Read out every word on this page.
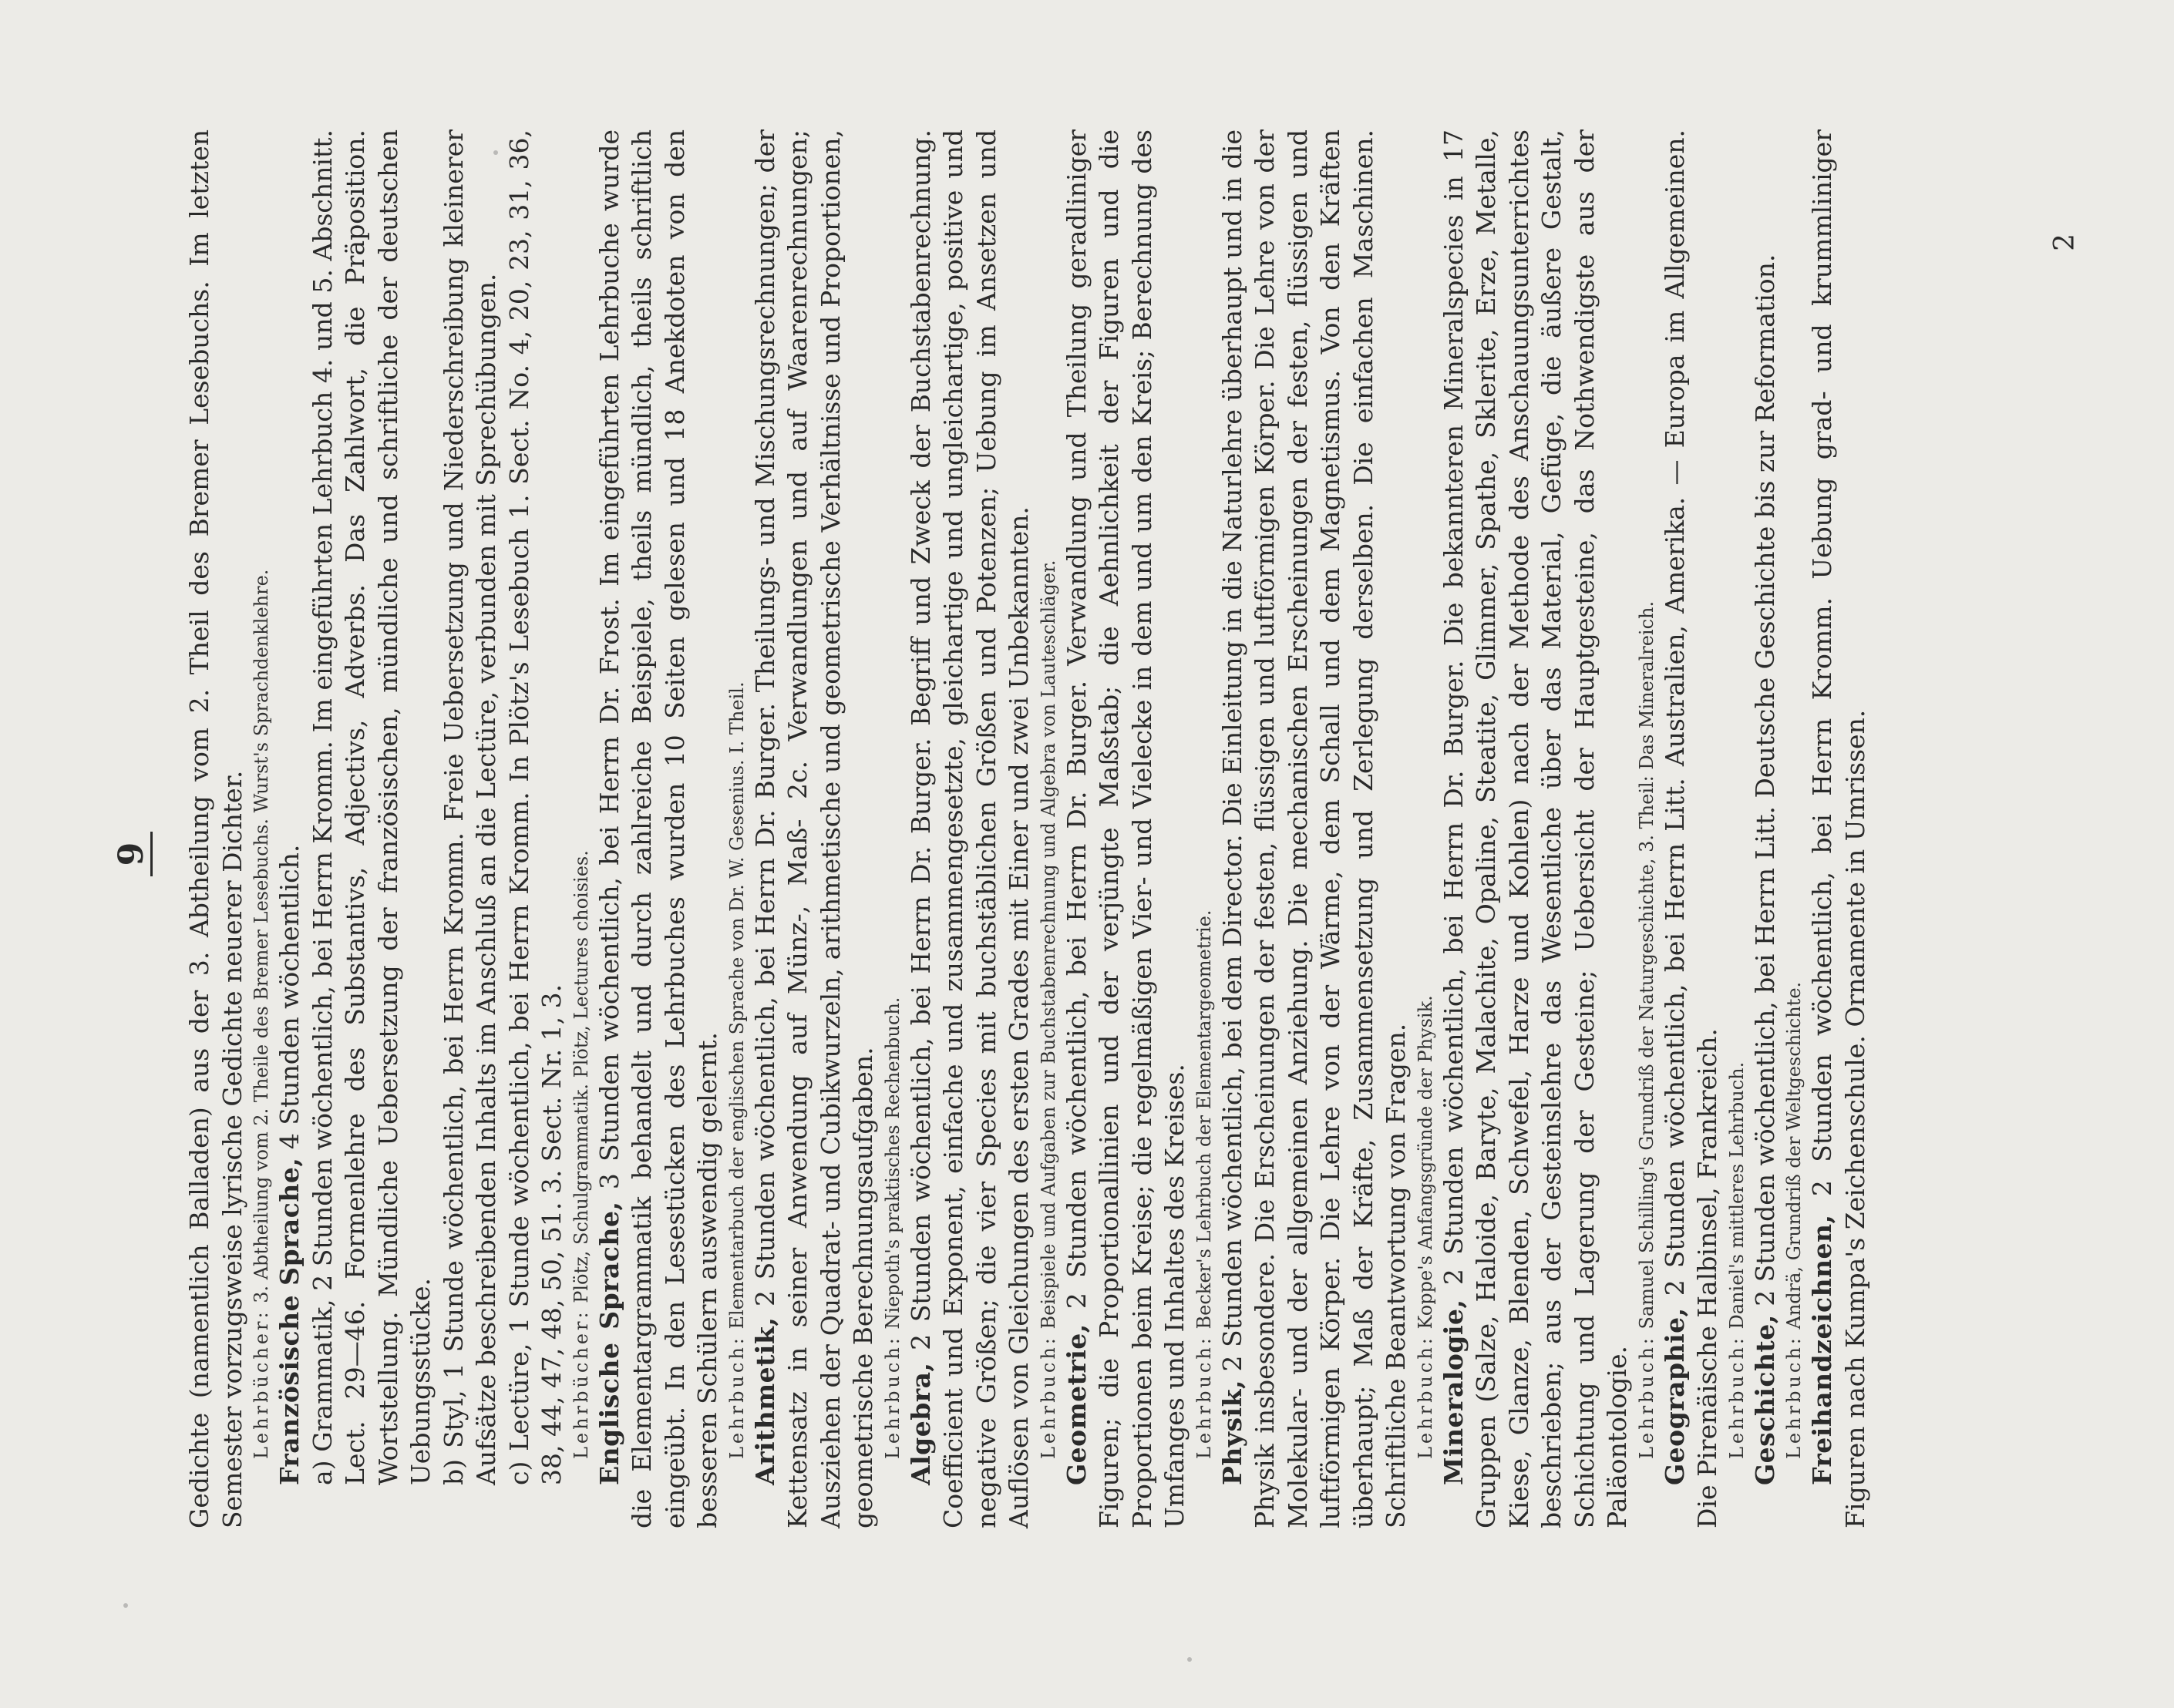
9 Gedichte (namentlich Balladen) aus der 3. Abtheilung vom 2. Theil des Bremer Lesebuchs. Im letzten Semester vorzugsweise lyrische Gedichte neuerer Dichter. Lehrbücher: 3. Abtheilung vom 2. Theile des Bremer Lesebuchs. Wurst's Sprachdenklehre.

Französische Sprache, 4 Stunden wöchentlich. a) Grammatik, 2 Stunden wöchentlich, bei Herrn Kromm. Im eingeführten Lehrbuch 4. und 5. Abschnitt. Lect. 29—46. Formenlehre des Substantivs, Adjectivs, Adverbs. Das Zahlwort, die Präposition. Wortstellung. Mündliche Uebersetzung der französischen, mündliche und schriftliche der deutschen Uebungsstücke. b) Styl, 1 Stunde wöchentlich, bei Herrn Kromm. Freie Uebersetzung und Niederschreibung kleinerer Aufsätze beschreibenden Inhalts im Anschluß an die Lectüre, verbunden mit Sprechübungen. c) Lectüre, 1 Stunde wöchentlich, bei Herrn Kromm. In Plötz's Lesebuch 1. Sect. No. 4, 20, 23, 31, 36, 38, 44, 47, 48, 50, 51. 3. Sect. Nr. 1, 3. Lehrbücher: Plötz, Schulgrammatik. Plötz, Lectures choisies.

Englische Sprache, 3 Stunden wöchentlich, bei Herrn Dr. Frost. Im eingeführten Lehrbuche wurde die Elementargrammatik behandelt und durch zahlreiche Beispiele, theils mündlich, theils schriftlich eingeübt. In den Lesestücken des Lehrbuches wurden 10 Seiten gelesen und 18 Anekdoten von den besseren Schülern auswendig gelernt. Lehrbuch: Elementarbuch der englischen Sprache von Dr. W. Gesenius. I. Theil.

Arithmetik, 2 Stunden wöchentlich, bei Herrn Dr. Burger. Theilungs- und Mischungsrechnungen; der Kettensatz in seiner Anwendung auf Münz-, Maß- 2c. Verwandlungen und auf Waarenrechnungen; Ausziehen der Quadrat- und Cubikwurzeln, arithmetische und geometrische Verhältnisse und Proportionen, geometrische Berechnungsaufgaben. Lehrbuch: Niepoth's praktisches Rechenbuch.

Algebra, 2 Stunden wöchentlich, bei Herrn Dr. Burger. Begriff und Zweck der Buchstabenrechnung. Coefficient und Exponent, einfache und zusammengesetzte, gleichartige und ungleichartige, positive und negative Größen; die vier Species mit buchstäblichen Größen und Potenzen; Uebung im Ansetzen und Auflösen von Gleichungen des ersten Grades mit Einer und zwei Unbekannten. Lehrbuch: Beispiele und Aufgaben zur Buchstabenrechnung und Algebra von Lauteschläger.

Geometrie, 2 Stunden wöchentlich, bei Herrn Dr. Burger. Verwandlung und Theilung geradliniger Figuren; die Proportionallinien und der verjüngte Maßstab; die Aehnlichkeit der Figuren und die Proportionen beim Kreise; die regelmäßigen Vier- und Vielecke in dem und um den Kreis; Berechnung des Umfanges und Inhaltes des Kreises. Lehrbuch: Becker's Lehrbuch der Elementargeometrie.

Physik, 2 Stunden wöchentlich, bei dem Director. Die Einleitung in die Naturlehre überhaupt und in die Physik insbesondere. Die Erscheinungen der festen, flüssigen und luftförmigen Körper. Die Lehre von der Molekular- und der allgemeinen Anziehung. Die mechanischen Erscheinungen der festen, flüssigen und luftförmigen Körper. Die Lehre von der Wärme, dem Schall und dem Magnetismus. Von den Kräften überhaupt; Maß der Kräfte, Zusammensetzung und Zerlegung derselben. Die einfachen Maschinen. Schriftliche Beantwortung von Fragen. Lehrbuch: Koppe's Anfangsgründe der Physik.

Mineralogie, 2 Stunden wöchentlich, bei Herrn Dr. Burger. Die bekannteren Mineralspecies in 17 Gruppen (Salze, Haloide, Baryte, Malachite, Opaline, Steatite, Glimmer, Spathe, Sklerite, Erze, Metalle, Kiese, Glanze, Blenden, Schwefel, Harze und Kohlen) nach der Methode des Anschauungsunterrichtes beschrieben; aus der Gesteinslehre das Wesentliche über das Material, Gefüge, die äußere Gestalt, Schichtung und Lagerung der Gesteine; Uebersicht der Hauptgesteine, das Nothwendigste aus der Paläontologie. Lehrbuch: Samuel Schilling's Grundriß der Naturgeschichte, 3. Theil: Das Mineralreich.

Geographie, 2 Stunden wöchentlich, bei Herrn Litt. Australien, Amerika. — Europa im Allgemeinen. Die Pirenäische Halbinsel, Frankreich. Lehrbuch: Daniel's mittleres Lehrbuch.

Geschichte, 2 Stunden wöchentlich, bei Herrn Litt. Deutsche Geschichte bis zur Reformation.

Lehrbuch: Andrä, Grundriß der Weltgeschichte.

Freihandzeichnen, 2 Stunden wöchentlich, bei Herrn Kromm. Uebung grad- und krummliniger Figuren nach Kumpa's Zeichenschule. Ornamente in Umrissen.

2
